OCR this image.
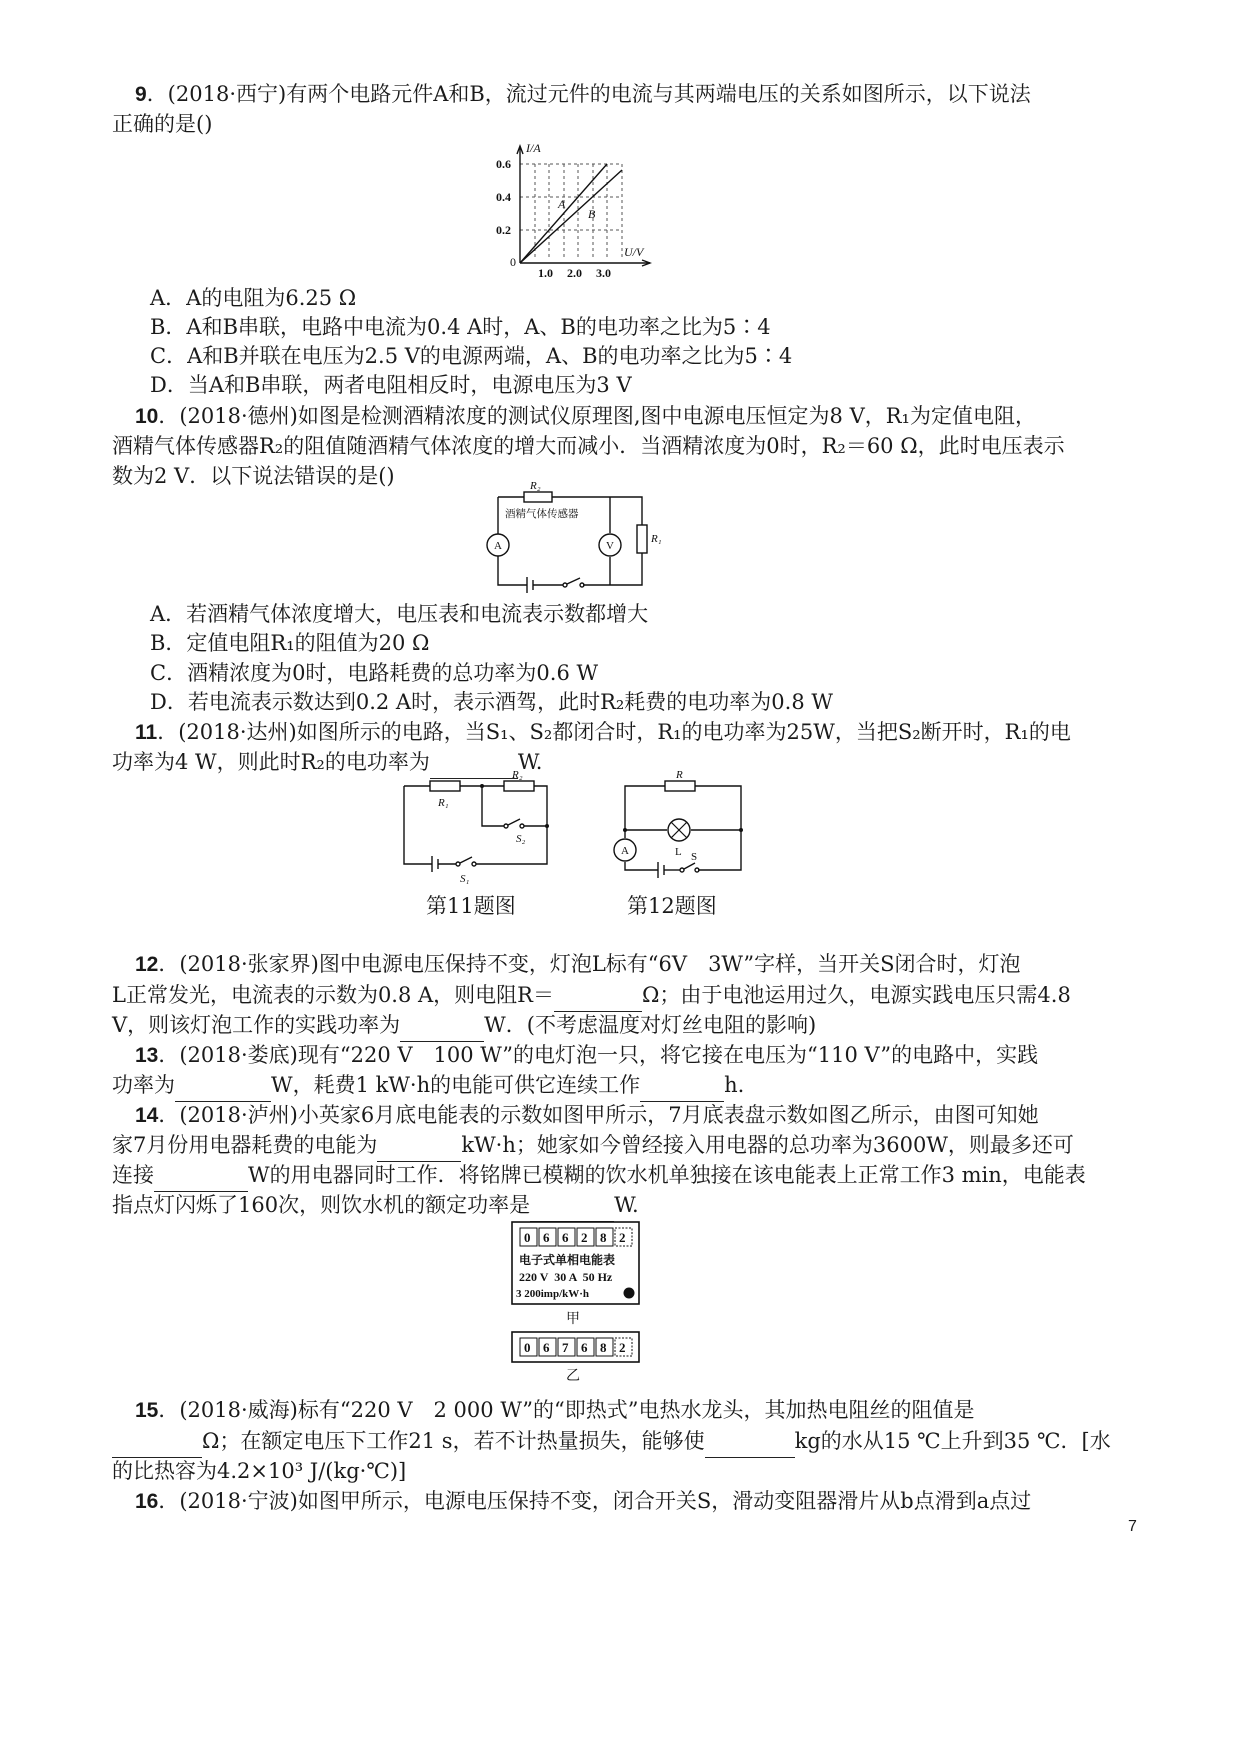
9．(2018·西宁)有两个电路元件A和B，流过元件的电流与其两端电压的关系如图所示，以下说法
正确的是()
I/A
U/V
0
0.6
0.4
0.2
1.0 2.0 3.0
A
B
A．A的电阻为6.25 Ω
B．A和B串联，电路中电流为0.4 A时，A、B的电功率之比为5∶4
C．A和B并联在电压为2.5 V的电源两端，A、B的电功率之比为5∶4
D．当A和B串联，两者电阻相反时，电源电压为3 V
10．(2018·德州)如图是检测酒精浓度的测试仪原理图,图中电源电压恒定为8 V，R₁为定值电阻，
酒精气体传感器R₂的阻值随酒精气体浓度的增大而减小．当酒精浓度为0时，R₂＝60 Ω，此时电压表示
数为2 V．以下说法错误的是()	R₂
酒精气体传感器
A	V
R₁
A．若酒精气体浓度增大，电压表和电流表示数都增大
B．定值电阻R₁的阻值为20 Ω
C．酒精浓度为0时，电路耗费的总功率为0.6 W
D．若电流表示数达到0.2 A时，表示酒驾，此时R₂耗费的电功率为0.8 W
11．(2018·达州)如图所示的电路，当S₁、S₂都闭合时，R₁的电功率为25W，当把S₂断开时，R₁的电
功率为4 W，则此时R₂的电功率为	W.
R₁
R₂
S₂
S₁
第11题图
R
L
A	S
第12题图
12．(2018·张家界)图中电源电压保持不变，灯泡L标有“6V　3W”字样，当开关S闭合时，灯泡
L正常发光，电流表的示数为0.8 A，则电阻R＝	Ω；由于电池运用过久，电源实践电压只需4.8
V，则该灯泡工作的实践功率为	W．(不考虑温度对灯丝电阻的影响)
13．(2018·娄底)现有“220 V　100 W”的电灯泡一只，将它接在电压为“110 V”的电路中，实践
功率为	W，耗费1 kW·h的电能可供它连续工作	h.
14．(2018·泸州)小英家6月底电能表的示数如图甲所示，7月底表盘示数如图乙所示，由图可知她
家7月份用电器耗费的电能为	kW·h；她家如今曾经接入用电器的总功率为3600W，则最多还可
连接	W的用电器同时工作．将铭牌已模糊的饮水机单独接在该电能表上正常工作3 min，电能表
指点灯闪烁了160次，则饮水机的额定功率是	W.
0 6 6 2 8 2
电子式单相电能表
220 V  30 A  50 Hz
3 200imp/kW·h
甲
0 6 7 6 8 2
乙
15．(2018·威海)标有“220 V　2 000 W”的“即热式”电热水龙头，其加热电阻丝的阻值是
Ω；在额定电压下工作21 s，若不计热量损失，能够使	kg的水从15 ℃上升到35 ℃．[水
的比热容为4.2×10³ J/(kg·℃)]
16．(2018·宁波)如图甲所示，电源电压保持不变，闭合开关S，滑动变阻器滑片从b点滑到a点过
7
